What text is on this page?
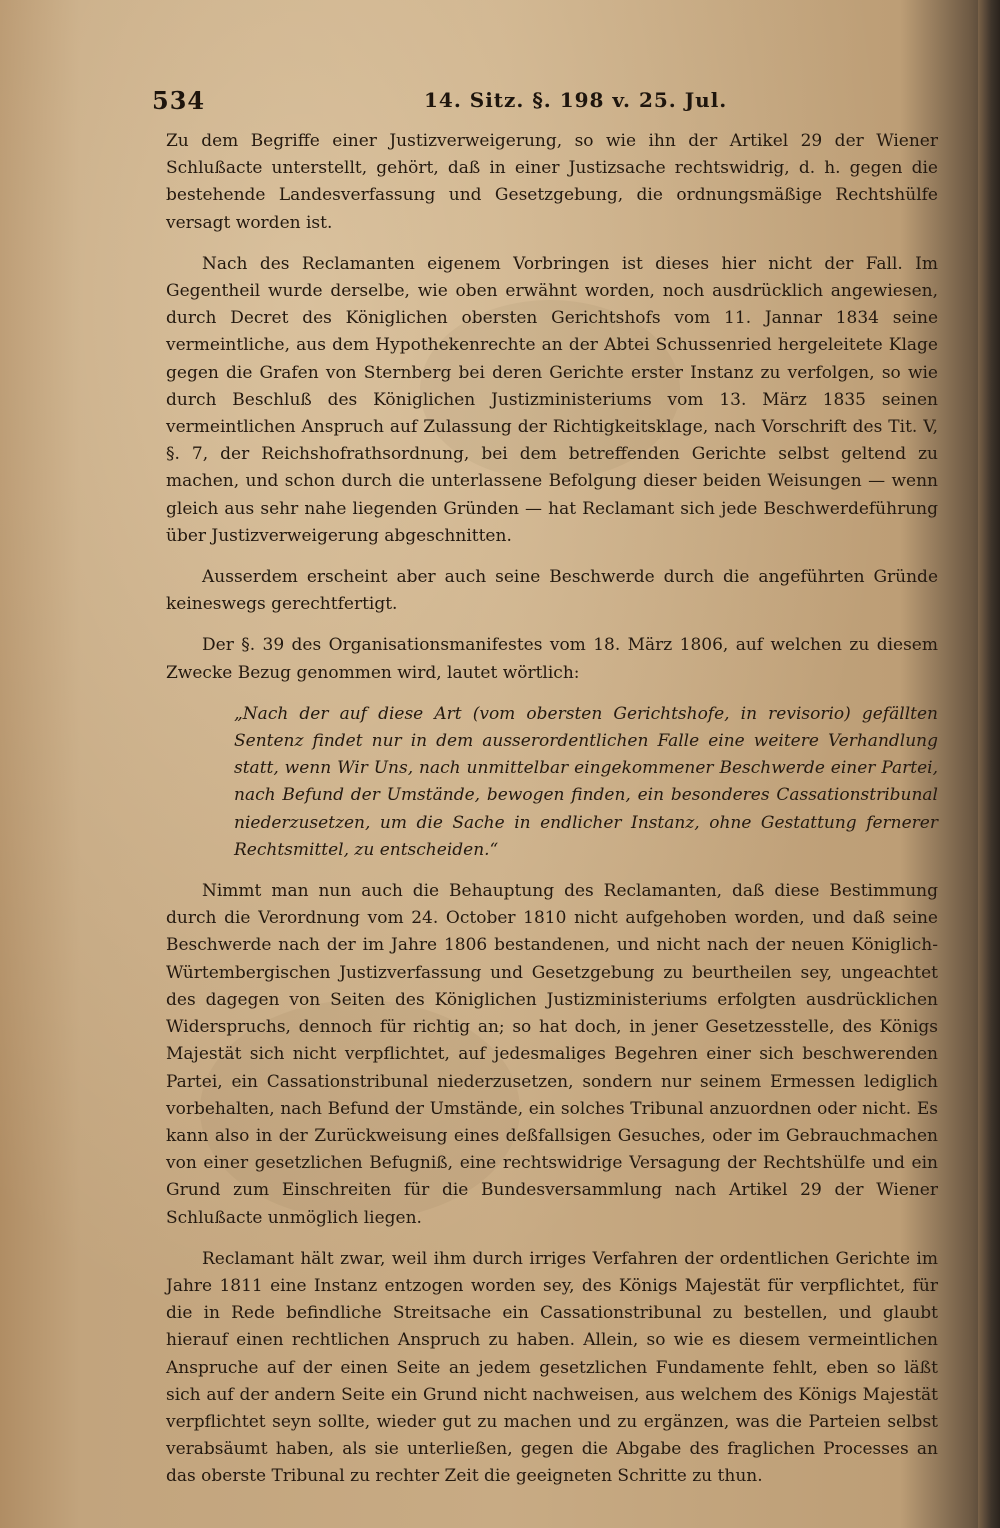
534	14. Sitz. §. 198 v. 25. Jul.

Zu dem Begriffe einer Justizverweigerung, so wie ihn der Artikel 29 der Wiener Schlußacte unterstellt, gehört, daß in einer Justizsache rechtswidrig, d. h. gegen die bestehende Landesverfassung und Gesetzgebung, die ordnungsmäßige Rechtshülfe versagt worden ist.

Nach des Reclamanten eigenem Vorbringen ist dieses hier nicht der Fall. Im Gegentheil wurde derselbe, wie oben erwähnt worden, noch ausdrücklich angewiesen, durch Decret des Königlichen obersten Gerichtshofs vom 11. Jannar 1834 seine vermeintliche, aus dem Hypothekenrechte an der Abtei Schussenried hergeleitete Klage gegen die Grafen von Sternberg bei deren Gerichte erster Instanz zu verfolgen, so wie durch Beschluß des Königlichen Justizministeriums vom 13. März 1835 seinen vermeintlichen Anspruch auf Zulassung der Richtigkeitsklage, nach Vorschrift des Tit. V, §. 7, der Reichshofrathsordnung, bei dem betreffenden Gerichte selbst geltend zu machen, und schon durch die unterlassene Befolgung dieser beiden Weisungen — wenn gleich aus sehr nahe liegenden Gründen — hat Reclamant sich jede Beschwerdeführung über Justizverweigerung abgeschnitten.

Ausserdem erscheint aber auch seine Beschwerde durch die angeführten Gründe keineswegs gerechtfertigt.

Der §. 39 des Organisationsmanifestes vom 18. März 1806, auf welchen zu diesem Zwecke Bezug genommen wird, lautet wörtlich:

„Nach der auf diese Art (vom obersten Gerichtshofe, in revisorio) gefällten Sentenz findet nur in dem ausserordentlichen Falle eine weitere Verhandlung statt, wenn Wir Uns, nach unmittelbar eingekommener Beschwerde einer Partei, nach Befund der Umstände, bewogen finden, ein besonderes Cassationstribunal niederzusetzen, um die Sache in endlicher Instanz, ohne Gestattung fernerer Rechtsmittel, zu entscheiden.“

Nimmt man nun auch die Behauptung des Reclamanten, daß diese Bestimmung durch die Verordnung vom 24. October 1810 nicht aufgehoben worden, und daß seine Beschwerde nach der im Jahre 1806 bestandenen, und nicht nach der neuen Königlich-Würtembergischen Justizverfassung und Gesetzgebung zu beurtheilen sey, ungeachtet des dagegen von Seiten des Königlichen Justizministeriums erfolgten ausdrücklichen Widerspruchs, dennoch für richtig an; so hat doch, in jener Gesetzesstelle, des Königs Majestät sich nicht verpflichtet, auf jedesmaliges Begehren einer sich beschwerenden Partei, ein Cassationstribunal niederzusetzen, sondern nur seinem Ermessen lediglich vorbehalten, nach Befund der Umstände, ein solches Tribunal anzuordnen oder nicht. Es kann also in der Zurückweisung eines deßfallsigen Gesuches, oder im Gebrauchmachen von einer gesetzlichen Befugniß, eine rechtswidrige Versagung der Rechtshülfe und ein Grund zum Einschreiten für die Bundesversammlung nach Artikel 29 der Wiener Schlußacte unmöglich liegen.

Reclamant hält zwar, weil ihm durch irriges Verfahren der ordentlichen Gerichte im Jahre 1811 eine Instanz entzogen worden sey, des Königs Majestät für verpflichtet, für die in Rede befindliche Streitsache ein Cassationstribunal zu bestellen, und glaubt hierauf einen rechtlichen Anspruch zu haben. Allein, so wie es diesem vermeintlichen Anspruche auf der einen Seite an jedem gesetzlichen Fundamente fehlt, eben so läßt sich auf der andern Seite ein Grund nicht nachweisen, aus welchem des Königs Majestät verpflichtet seyn sollte, wieder gut zu machen und zu ergänzen, was die Parteien selbst verabsäumt haben, als sie unterließen, gegen die Abgabe des fraglichen Processes an das oberste Tribunal zu rechter Zeit die geeigneten Schritte zu thun.
